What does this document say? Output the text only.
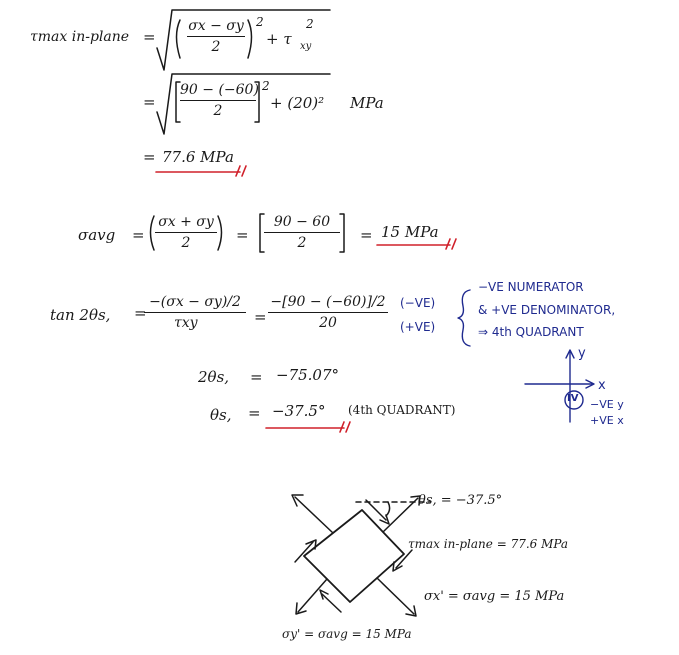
τmax in-plane =
σx − σy
2
2
+ τ xy
2
=
90 − (−60)
2
2
+ (20)² MPa
= 77.6 MPa
σavg =
σx + σy
2	=
90 − 60
2	= 15 MPa
tan 2θs, =
−(σx − σy)/2
τxy	=
−[90 − (−60)]/2
20
(−VE)
(+VE)
−VE NUMERATOR
& +VE DENOMINATOR,
⇒ 4th QUADRANT
2θs, = −75.07°
θs, = −37.5° (4th QUADRANT)
y
x
IV −VE y
+VE x
θs, = −37.5°
τmax in-plane = 77.6 MPa
σx' = σavg = 15 MPa
σy' = σavg = 15 MPa
